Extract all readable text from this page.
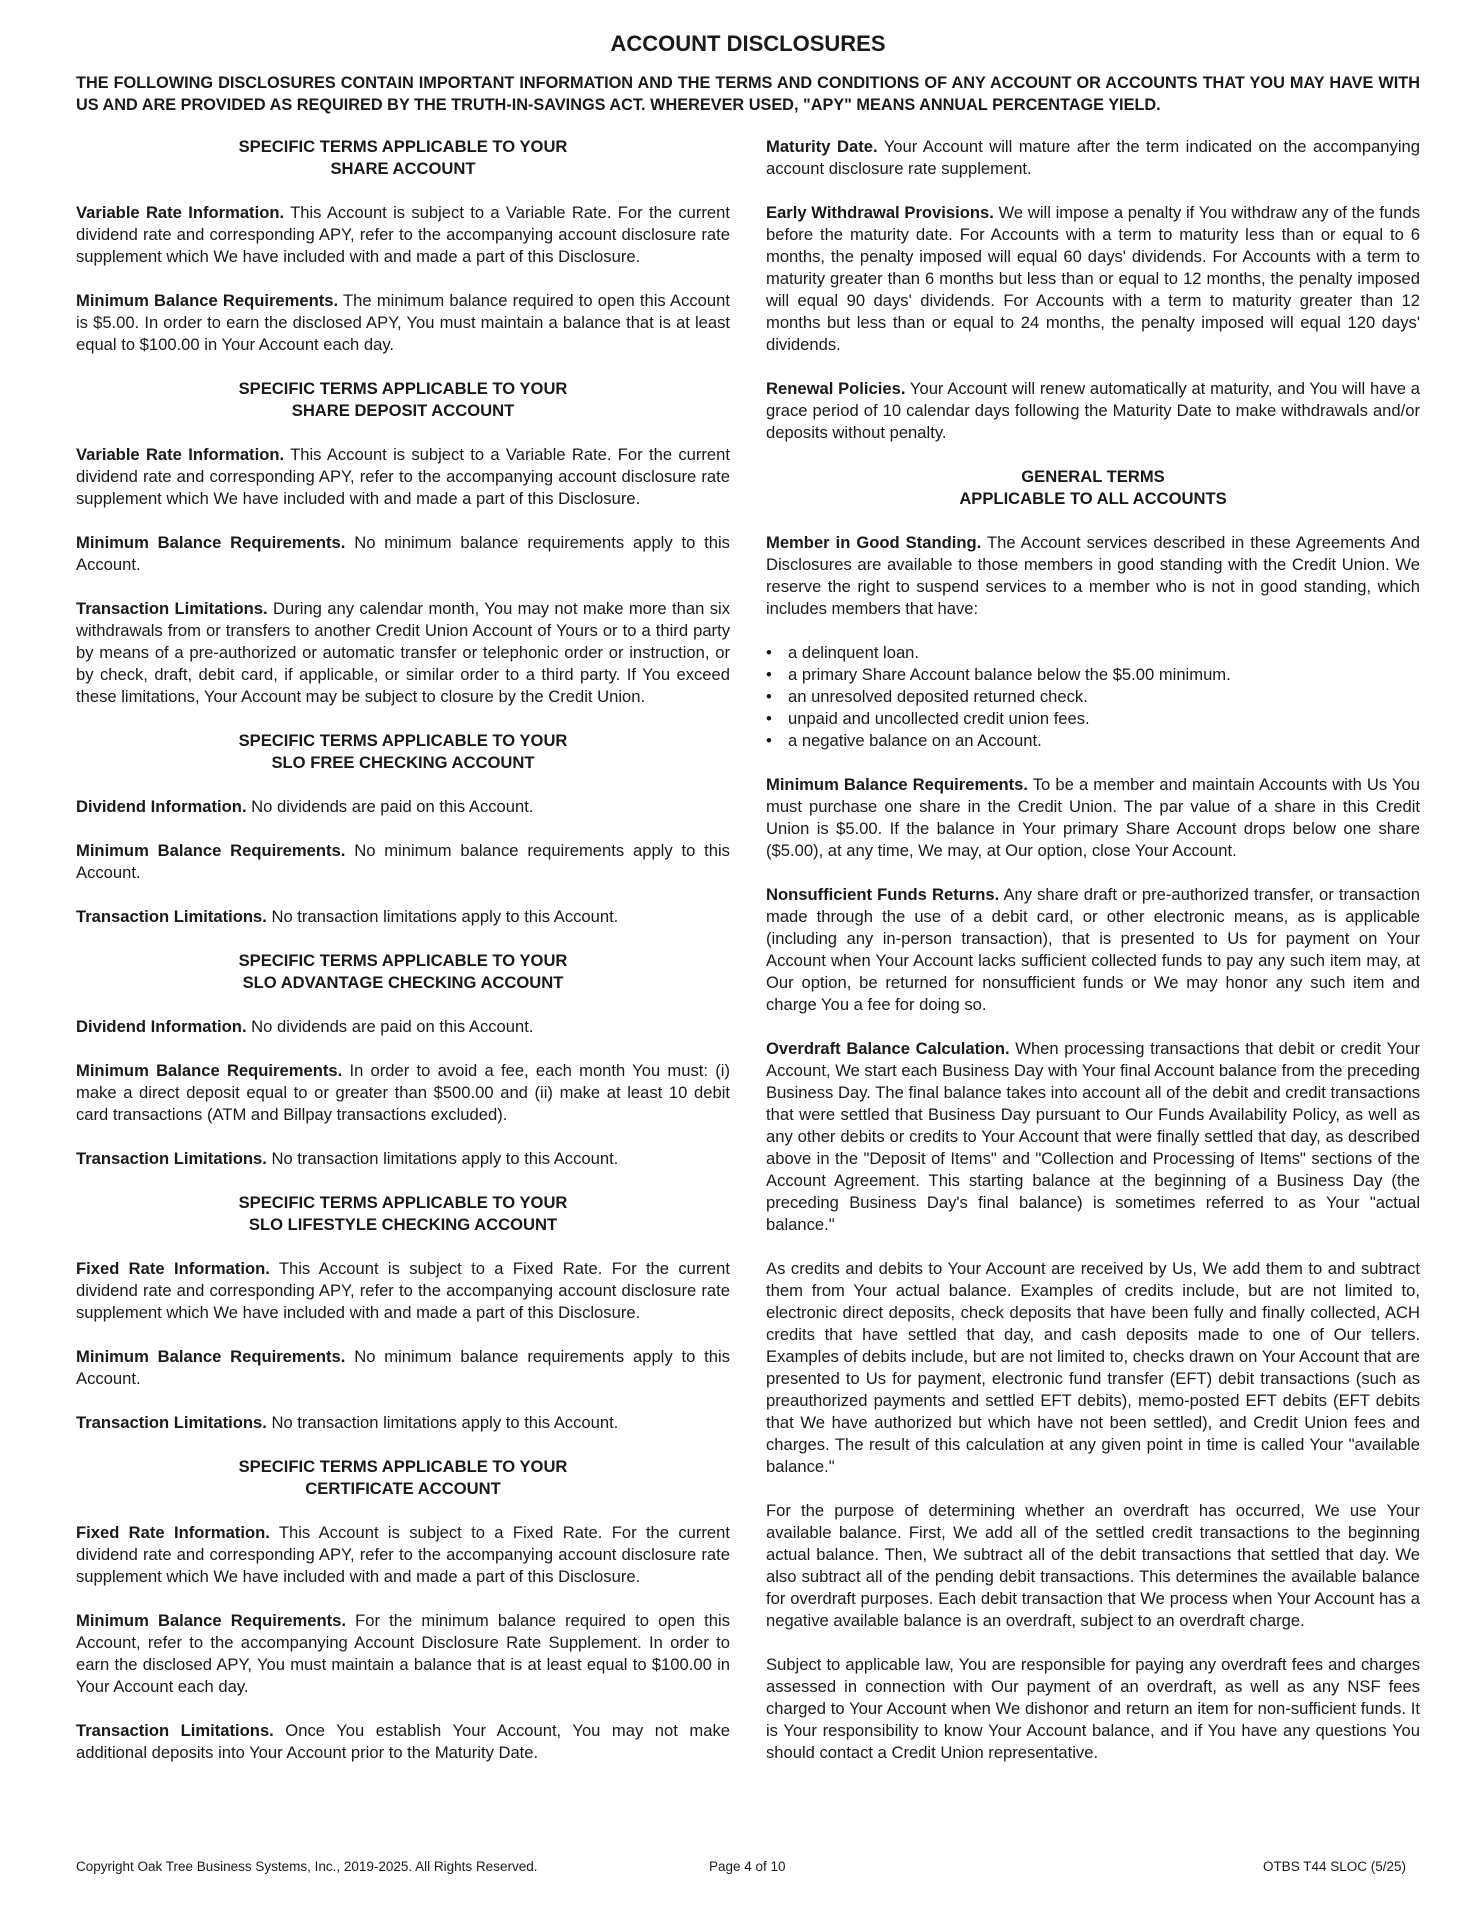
ACCOUNT DISCLOSURES

THE FOLLOWING DISCLOSURES CONTAIN IMPORTANT INFORMATION AND THE TERMS AND CONDITIONS OF ANY ACCOUNT OR ACCOUNTS THAT YOU MAY HAVE WITH US AND ARE PROVIDED AS REQUIRED BY THE TRUTH-IN-SAVINGS ACT. WHEREVER USED, "APY" MEANS ANNUAL PERCENTAGE YIELD.

SPECIFIC TERMS APPLICABLE TO YOUR
SHARE ACCOUNT

Variable Rate Information. This Account is subject to a Variable Rate. For the current dividend rate and corresponding APY, refer to the accompanying account disclosure rate supplement which We have included with and made a part of this Disclosure.

Minimum Balance Requirements. The minimum balance required to open this Account is $5.00. In order to earn the disclosed APY, You must maintain a balance that is at least equal to $100.00 in Your Account each day.

SPECIFIC TERMS APPLICABLE TO YOUR
SHARE DEPOSIT ACCOUNT

Variable Rate Information. This Account is subject to a Variable Rate. For the current dividend rate and corresponding APY, refer to the accompanying account disclosure rate supplement which We have included with and made a part of this Disclosure.

Minimum Balance Requirements. No minimum balance requirements apply to this Account.

Transaction Limitations. During any calendar month, You may not make more than six withdrawals from or transfers to another Credit Union Account of Yours or to a third party by means of a pre-authorized or automatic transfer or telephonic order or instruction, or by check, draft, debit card, if applicable, or similar order to a third party. If You exceed these limitations, Your Account may be subject to closure by the Credit Union.

SPECIFIC TERMS APPLICABLE TO YOUR
SLO FREE CHECKING ACCOUNT

Dividend Information. No dividends are paid on this Account.

Minimum Balance Requirements. No minimum balance requirements apply to this Account.

Transaction Limitations. No transaction limitations apply to this Account.

SPECIFIC TERMS APPLICABLE TO YOUR
SLO ADVANTAGE CHECKING ACCOUNT

Dividend Information. No dividends are paid on this Account.

Minimum Balance Requirements. In order to avoid a fee, each month You must: (i) make a direct deposit equal to or greater than $500.00 and (ii) make at least 10 debit card transactions (ATM and Billpay transactions excluded).

Transaction Limitations. No transaction limitations apply to this Account.

SPECIFIC TERMS APPLICABLE TO YOUR
SLO LIFESTYLE CHECKING ACCOUNT

Fixed Rate Information. This Account is subject to a Fixed Rate. For the current dividend rate and corresponding APY, refer to the accompanying account disclosure rate supplement which We have included with and made a part of this Disclosure.

Minimum Balance Requirements. No minimum balance requirements apply to this Account.

Transaction Limitations. No transaction limitations apply to this Account.

SPECIFIC TERMS APPLICABLE TO YOUR
CERTIFICATE ACCOUNT

Fixed Rate Information. This Account is subject to a Fixed Rate. For the current dividend rate and corresponding APY, refer to the accompanying account disclosure rate supplement which We have included with and made a part of this Disclosure.

Minimum Balance Requirements. For the minimum balance required to open this Account, refer to the accompanying Account Disclosure Rate Supplement. In order to earn the disclosed APY, You must maintain a balance that is at least equal to $100.00 in Your Account each day.

Transaction Limitations. Once You establish Your Account, You may not make additional deposits into Your Account prior to the Maturity Date.

Maturity Date. Your Account will mature after the term indicated on the accompanying account disclosure rate supplement.

Early Withdrawal Provisions. We will impose a penalty if You withdraw any of the funds before the maturity date. For Accounts with a term to maturity less than or equal to 6 months, the penalty imposed will equal 60 days' dividends. For Accounts with a term to maturity greater than 6 months but less than or equal to 12 months, the penalty imposed will equal 90 days' dividends. For Accounts with a term to maturity greater than 12 months but less than or equal to 24 months, the penalty imposed will equal 120 days' dividends.

Renewal Policies. Your Account will renew automatically at maturity, and You will have a grace period of 10 calendar days following the Maturity Date to make withdrawals and/or deposits without penalty.

GENERAL TERMS
APPLICABLE TO ALL ACCOUNTS

Member in Good Standing. The Account services described in these Agreements And Disclosures are available to those members in good standing with the Credit Union. We reserve the right to suspend services to a member who is not in good standing, which includes members that have:

• a delinquent loan.
• a primary Share Account balance below the $5.00 minimum.
• an unresolved deposited returned check.
• unpaid and uncollected credit union fees.
• a negative balance on an Account.

Minimum Balance Requirements. To be a member and maintain Accounts with Us You must purchase one share in the Credit Union. The par value of a share in this Credit Union is $5.00. If the balance in Your primary Share Account drops below one share ($5.00), at any time, We may, at Our option, close Your Account.

Nonsufficient Funds Returns. Any share draft or pre-authorized transfer, or transaction made through the use of a debit card, or other electronic means, as is applicable (including any in-person transaction), that is presented to Us for payment on Your Account when Your Account lacks sufficient collected funds to pay any such item may, at Our option, be returned for nonsufficient funds or We may honor any such item and charge You a fee for doing so.

Overdraft Balance Calculation. When processing transactions that debit or credit Your Account, We start each Business Day with Your final Account balance from the preceding Business Day. The final balance takes into account all of the debit and credit transactions that were settled that Business Day pursuant to Our Funds Availability Policy, as well as any other debits or credits to Your Account that were finally settled that day, as described above in the "Deposit of Items" and "Collection and Processing of Items" sections of the Account Agreement. This starting balance at the beginning of a Business Day (the preceding Business Day's final balance) is sometimes referred to as Your "actual balance."

As credits and debits to Your Account are received by Us, We add them to and subtract them from Your actual balance. Examples of credits include, but are not limited to, electronic direct deposits, check deposits that have been fully and finally collected, ACH credits that have settled that day, and cash deposits made to one of Our tellers. Examples of debits include, but are not limited to, checks drawn on Your Account that are presented to Us for payment, electronic fund transfer (EFT) debit transactions (such as preauthorized payments and settled EFT debits), memo-posted EFT debits (EFT debits that We have authorized but which have not been settled), and Credit Union fees and charges. The result of this calculation at any given point in time is called Your "available balance."

For the purpose of determining whether an overdraft has occurred, We use Your available balance. First, We add all of the settled credit transactions to the beginning actual balance. Then, We subtract all of the debit transactions that settled that day. We also subtract all of the pending debit transactions. This determines the available balance for overdraft purposes. Each debit transaction that We process when Your Account has a negative available balance is an overdraft, subject to an overdraft charge.

Subject to applicable law, You are responsible for paying any overdraft fees and charges assessed in connection with Our payment of an overdraft, as well as any NSF fees charged to Your Account when We dishonor and return an item for non-sufficient funds. It is Your responsibility to know Your Account balance, and if You have any questions You should contact a Credit Union representative.

Copyright Oak Tree Business Systems, Inc., 2019-2025. All Rights Reserved.	Page 4 of 10	OTBS T44 SLOC (5/25)
